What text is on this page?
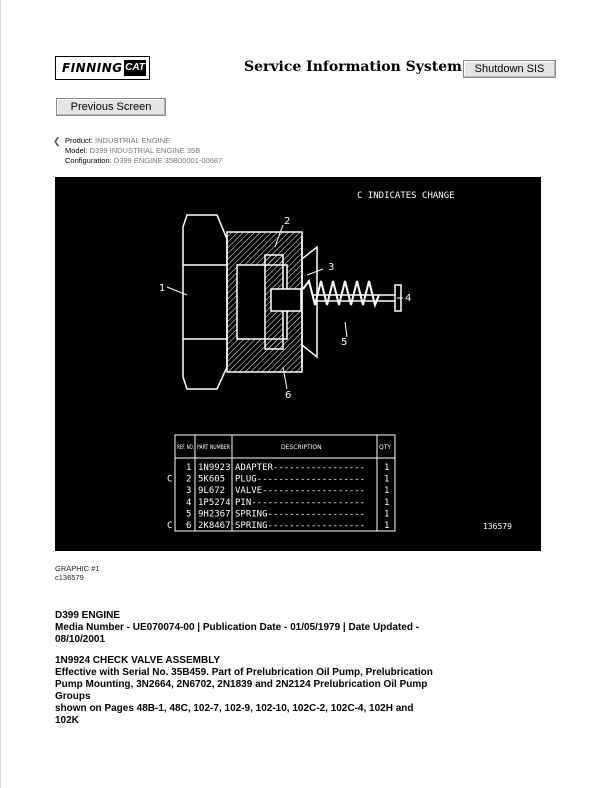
FINNING CAT	Service Information System	Shutdown SIS
Previous Screen
❮ Product: INDUSTRIAL ENGINE
Model: D399 INDUSTRIAL ENGINE 35B
Configuration: D399 ENGINE 35B00001-00687
C INDICATES CHANGE
1
2
3
4
5
6
REF. NO. PART NUMBER	DESCRIPTION	QTY
1 1N9923 ADAPTER----------------- 1
C 2 5K605 PLUG-------------------- 1
3 9L672 VALVE------------------- 1
4 1P5274 PIN--------------------- 1
5 9H2367 SPRING------------------ 1
C 6 2K8467 SPRING------------------ 1	136579
GRAPHIC #1
c136579
D399 ENGINE
Media Number - UE070074-00 | Publication Date - 01/05/1979 | Date Updated - 08/10/2001
1N9924 CHECK VALVE ASSEMBLY
Effective with Serial No. 35B459. Part of Prelubrication Oil Pump, Prelubrication
Pump Mounting, 3N2664, 2N6702, 2N1839 and 2N2124 Prelubrication Oil Pump Groups
shown on Pages 48B-1, 48C, 102-7, 102-9, 102-10, 102C-2, 102C-4, 102H and 102K
